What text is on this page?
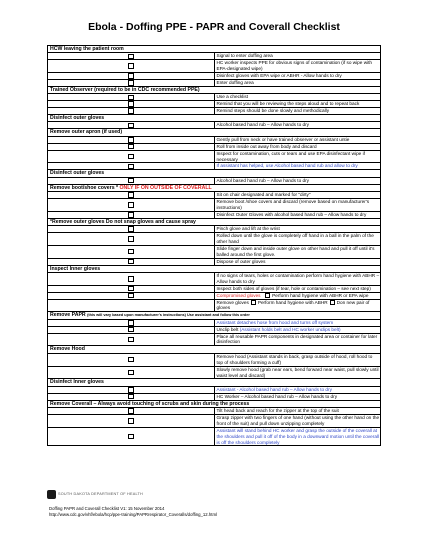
Ebola - Doffing PPE - PAPR and Coverall Checklist
HCW leaving the patient room	

	Signal to enter doffing area

	HC worker inspects PPE for obvious signs of contamination (if so wipe with EPA-designated wipe)

	Disinfect gloves with EPA wipe or ABHR - Allow hands to dry

	Enter doffing area
Trained Observer (required to be in CDC recommended PPE)	

	Use a checklist

	Remind that you will be reviewing the steps aloud and to repeat back

	Remind steps should be done slowly and methodically
Disinfect outer gloves	

	Alcohol based hand rub – Allow hands to dry
Remove outer apron (if used)	

	Gently pull from neck or have trained observer or assistant untie

	Roll from inside out away from body and discard

	Inspect for contamination, cuts or tears and use EPA disinfectant wipe if necessary

	If assistant has helped, use Alcohol based hand rub and allow to dry
Disinfect outer gloves	

	Alcohol based hand rub – Allow hands to dry
Remove boot/shoe covers * ONLY IF ON OUTSIDE OF COVERALL	

	Sit on chair designated and marked for "dirty"

	Remove boot /shoe covers and discard (remove based on manufacturer's instructions)

	Disinfect Outer Gloves with alcohol based hand rub – Allow hands to dry
*Remove outer gloves Do not snap gloves and cause spray	

	Pinch glove and lift at the wrist

	Rolled down until the glove is completely off hand in a ball in the palm of the other hand

	Slide finger down and inside outer glove on other hand and pull it off until it's balled around the first glove.

	Dispose of outer gloves
Inspect Inner gloves	

	If no signs of tears, holes or contamination perform hand hygiene with ABHR – Allow hands to dry

	Inspect both sides of gloves (if tear, hole or contamination – see next step)

	Compromised gloves Perform hand hygiene with ABHR or EPA wipe
	Remove gloves Perform hand hygiene with ABHR Don new pair of gloves
Remove PAPR (this will vary based upon manufacturer's instructions) Use assistant and follow this order	

	Assistant detaches hose from hood and turns off system

	Unclip belt (Assistant holds belt and HC worker unclips belt)

	Place all reusable PAPR components in designated area or container for later disinfection
Remove Hood	

	Remove hood (Assistant stands in back, grasp outside of hood, roll hood to top of shoulders forming a cuff)

	Slowly remove hood (grab near ears, bend forward near waist, pull slowly until waist level and discard)
Disinfect Inner gloves	

	Assistant - Alcohol based hand rub – Allow hands to dry

	HC Worker – Alcohol based hand rub – Allow hands to dry
Remove Coverall – Always avoid touching of scrubs and skin during the process	

	Tilt head back and reach for the zipper at the top of the suit

	Grasp zipper with two fingers of one hand (without using the other hand on the front of the suit) and pull down unzipping completely

	Assistant will stand behind HC worker and grasp the outside of the coverall at the shoulders and pull it off of the body in a downward motion until the coverall is off the shoulders completely
SOUTH DAKOTA DEPARTMENT OF HEALTH
Doffing PAPR and Coverall Checklist V1: 15 November 2014
http://www.cdc.gov/vhf/ebola/hcp/ppe-training/PAPRrespirator_Coveralls/doffing_12.html
